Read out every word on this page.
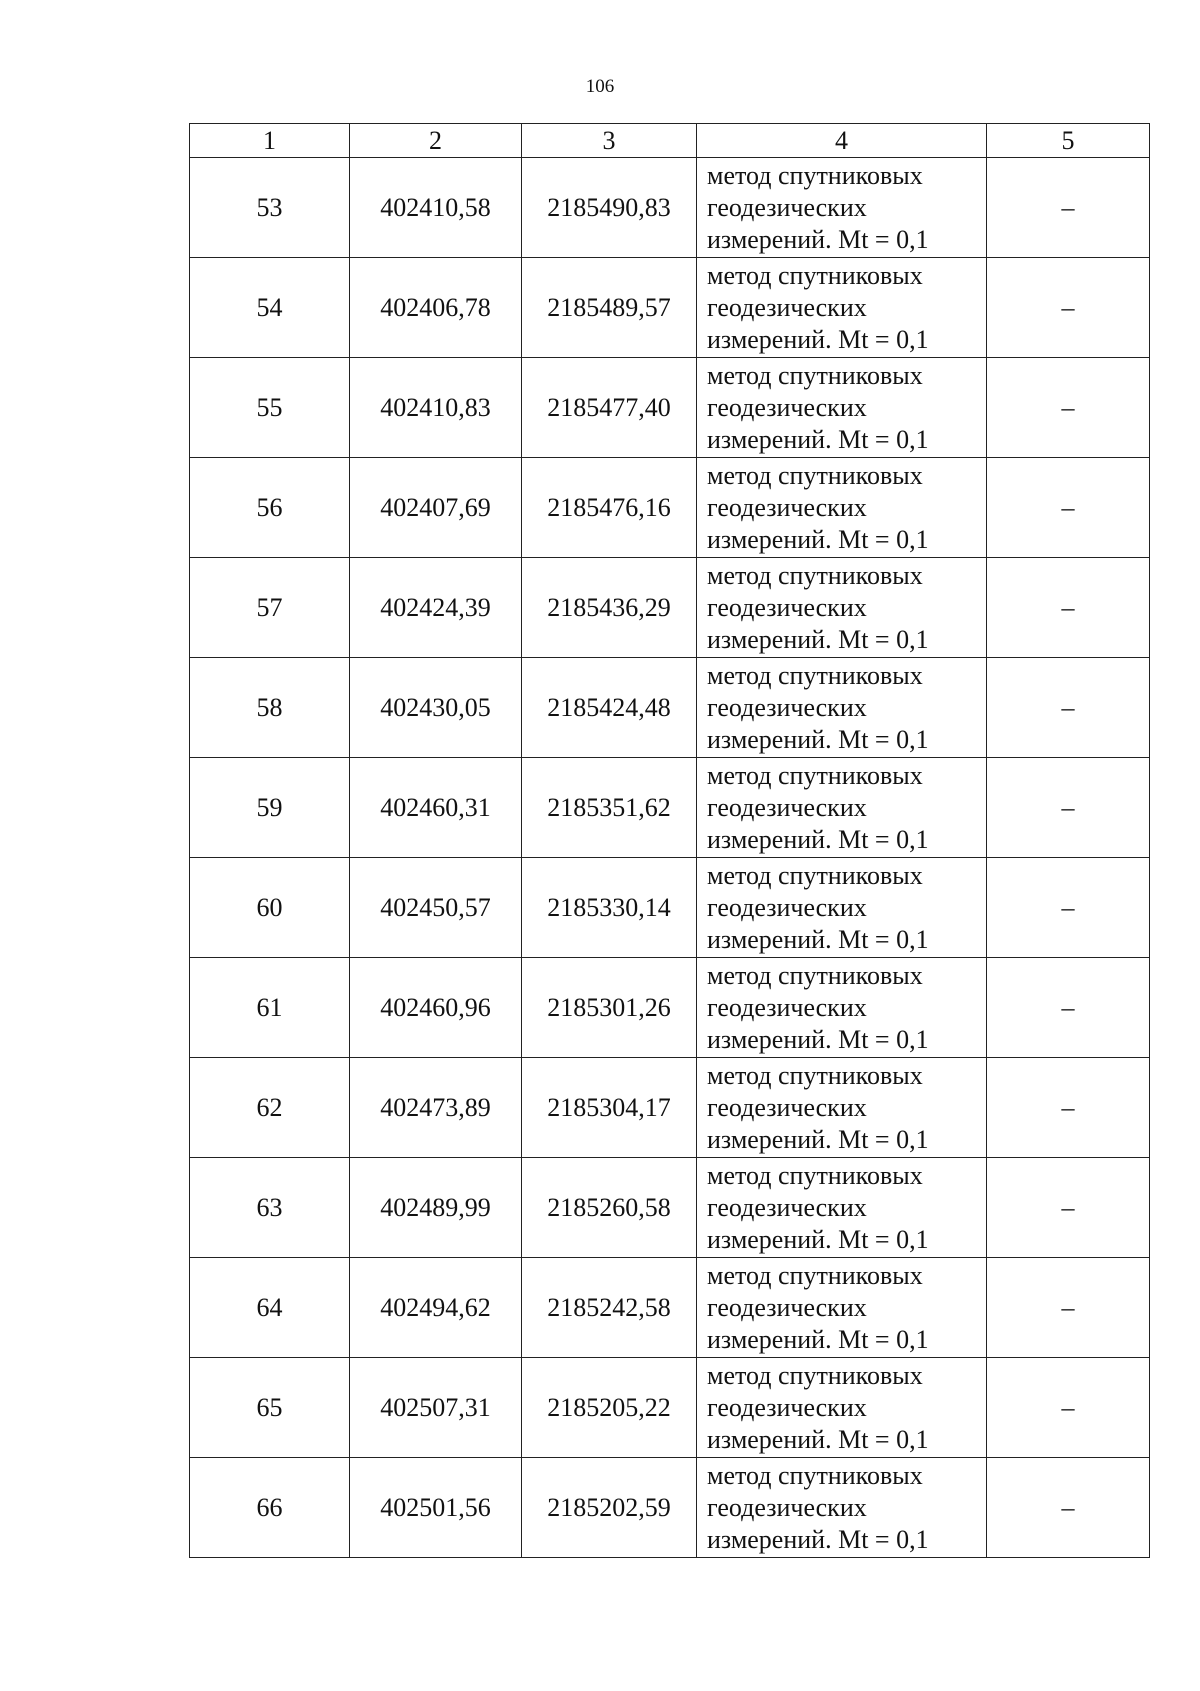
106
1	2	3	4	5
53	402410,58	2185490,83	метод спутниковых
геодезических
измерений. Mt = 0,1	–
54	402406,78	2185489,57	метод спутниковых
геодезических
измерений. Mt = 0,1	–
55	402410,83	2185477,40	метод спутниковых
геодезических
измерений. Mt = 0,1	–
56	402407,69	2185476,16	метод спутниковых
геодезических
измерений. Mt = 0,1	–
57	402424,39	2185436,29	метод спутниковых
геодезических
измерений. Mt = 0,1	–
58	402430,05	2185424,48	метод спутниковых
геодезических
измерений. Mt = 0,1	–
59	402460,31	2185351,62	метод спутниковых
геодезических
измерений. Mt = 0,1	–
60	402450,57	2185330,14	метод спутниковых
геодезических
измерений. Mt = 0,1	–
61	402460,96	2185301,26	метод спутниковых
геодезических
измерений. Mt = 0,1	–
62	402473,89	2185304,17	метод спутниковых
геодезических
измерений. Mt = 0,1	–
63	402489,99	2185260,58	метод спутниковых
геодезических
измерений. Mt = 0,1	–
64	402494,62	2185242,58	метод спутниковых
геодезических
измерений. Mt = 0,1	–
65	402507,31	2185205,22	метод спутниковых
геодезических
измерений. Mt = 0,1	–
66	402501,56	2185202,59	метод спутниковых
геодезических
измерений. Mt = 0,1	–
